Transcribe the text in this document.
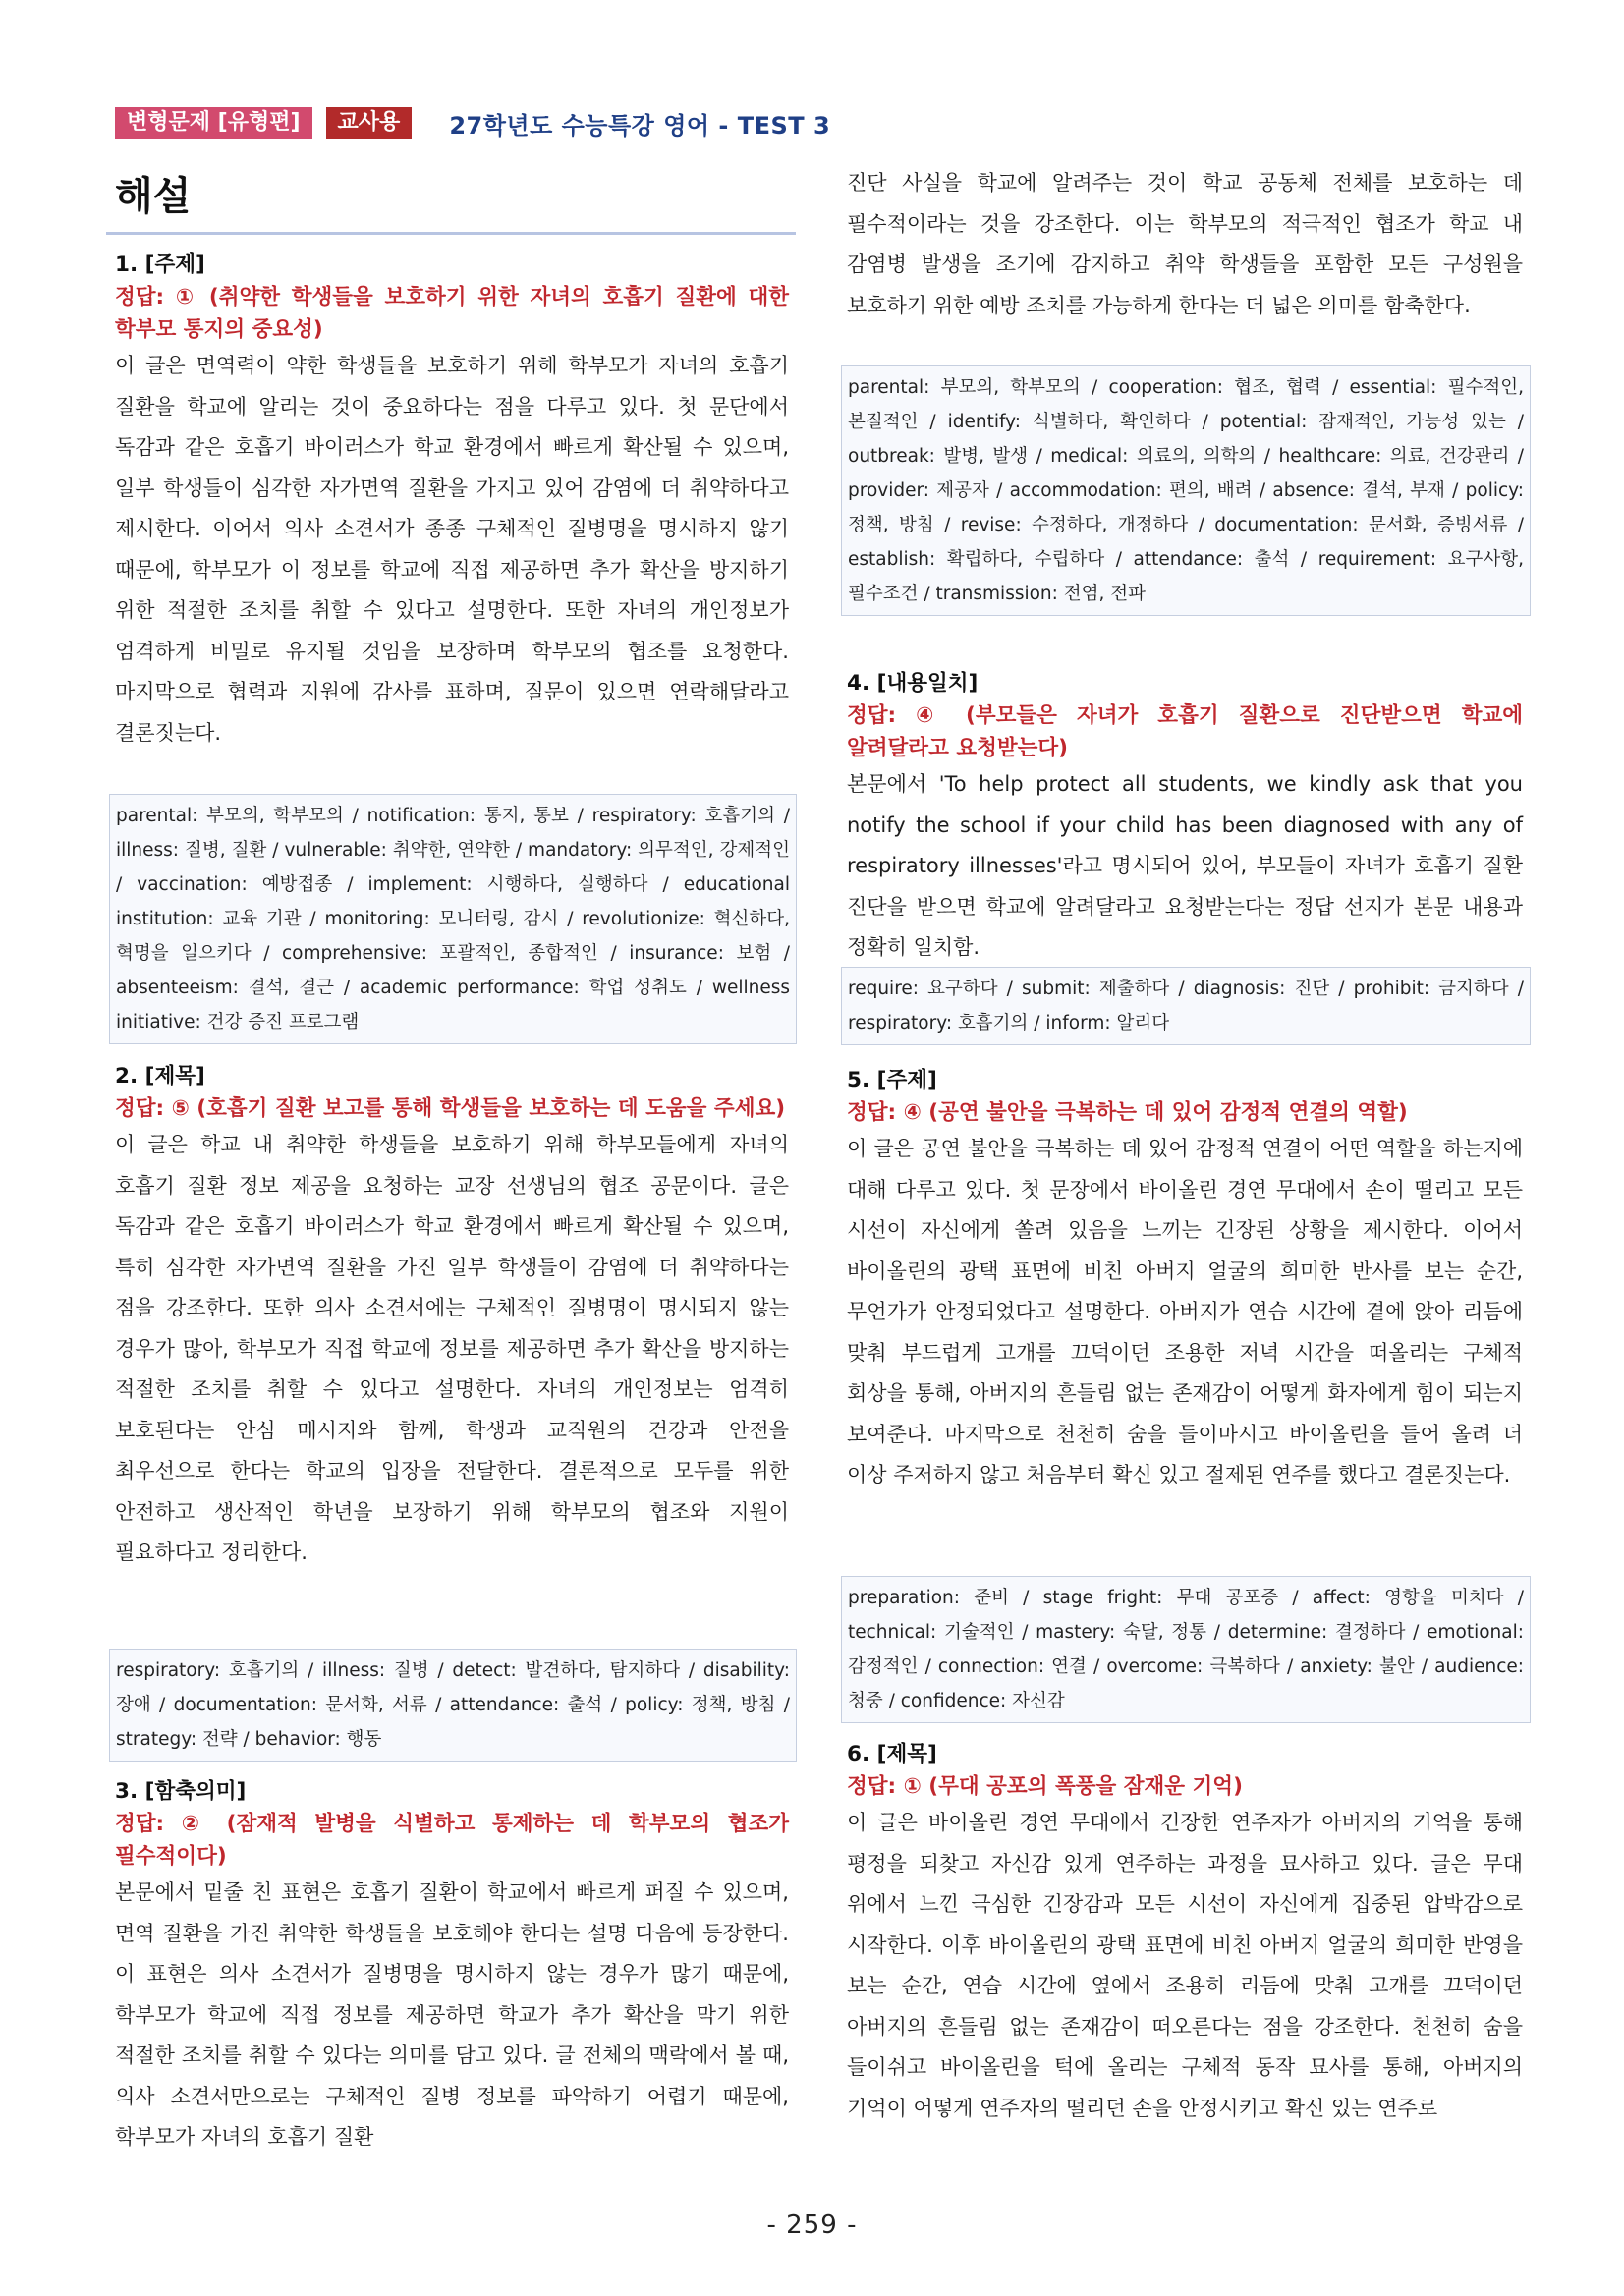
변형문제 [유형편]	교사용	27학년도 수능특강 영어 - TEST 3
해설
1. [주제]
정답: ① (취약한 학생들을 보호하기 위한 자녀의 호흡기 질환에 대한 학부모 통지의 중요성)
이 글은 면역력이 약한 학생들을 보호하기 위해 학부모가 자녀의 호흡기 질환을 학교에 알리는 것이 중요하다는 점을 다루고 있다. 첫 문단에서 독감과 같은 호흡기 바이러스가 학교 환경에서 빠르게 확산될 수 있으며, 일부 학생들이 심각한 자가면역 질환을 가지고 있어 감염에 더 취약하다고 제시한다. 이어서 의사 소견서가 종종 구체적인 질병명을 명시하지 않기 때문에, 학부모가 이 정보를 학교에 직접 제공하면 추가 확산을 방지하기 위한 적절한 조치를 취할 수 있다고 설명한다. 또한 자녀의 개인정보가 엄격하게 비밀로 유지될 것임을 보장하며 학부모의 협조를 요청한다. 마지막으로 협력과 지원에 감사를 표하며, 질문이 있으면 연락해달라고 결론짓는다.
parental: 부모의, 학부모의 / notification: 통지, 통보 / respiratory: 호흡기의 / illness: 질병, 질환 / vulnerable: 취약한, 연약한 / mandatory: 의무적인, 강제적인 / vaccination: 예방접종 / implement: 시행하다, 실행하다 / educational institution: 교육 기관 / monitoring: 모니터링, 감시 / revolutionize: 혁신하다, 혁명을 일으키다 / comprehensive: 포괄적인, 종합적인 / insurance: 보험 / absenteeism: 결석, 결근 / academic performance: 학업 성취도 / wellness initiative: 건강 증진 프로그램
2. [제목]
정답: ⑤ (호흡기 질환 보고를 통해 학생들을 보호하는 데 도움을 주세요)
이 글은 학교 내 취약한 학생들을 보호하기 위해 학부모들에게 자녀의 호흡기 질환 정보 제공을 요청하는 교장 선생님의 협조 공문이다. 글은 독감과 같은 호흡기 바이러스가 학교 환경에서 빠르게 확산될 수 있으며, 특히 심각한 자가면역 질환을 가진 일부 학생들이 감염에 더 취약하다는 점을 강조한다. 또한 의사 소견서에는 구체적인 질병명이 명시되지 않는 경우가 많아, 학부모가 직접 학교에 정보를 제공하면 추가 확산을 방지하는 적절한 조치를 취할 수 있다고 설명한다. 자녀의 개인정보는 엄격히 보호된다는 안심 메시지와 함께, 학생과 교직원의 건강과 안전을 최우선으로 한다는 학교의 입장을 전달한다. 결론적으로 모두를 위한 안전하고 생산적인 학년을 보장하기 위해 학부모의 협조와 지원이 필요하다고 정리한다.
respiratory: 호흡기의 / illness: 질병 / detect: 발견하다, 탐지하다 / disability: 장애 / documentation: 문서화, 서류 / attendance: 출석 / policy: 정책, 방침 / strategy: 전략 / behavior: 행동
3. [함축의미]
정답: ② (잠재적 발병을 식별하고 통제하는 데 학부모의 협조가 필수적이다)
본문에서 밑줄 친 표현은 호흡기 질환이 학교에서 빠르게 퍼질 수 있으며, 면역 질환을 가진 취약한 학생들을 보호해야 한다는 설명 다음에 등장한다. 이 표현은 의사 소견서가 질병명을 명시하지 않는 경우가 많기 때문에, 학부모가 학교에 직접 정보를 제공하면 학교가 추가 확산을 막기 위한 적절한 조치를 취할 수 있다는 의미를 담고 있다. 글 전체의 맥락에서 볼 때, 의사 소견서만으로는 구체적인 질병 정보를 파악하기 어렵기 때문에, 학부모가 자녀의 호흡기 질환
진단 사실을 학교에 알려주는 것이 학교 공동체 전체를 보호하는 데 필수적이라는 것을 강조한다. 이는 학부모의 적극적인 협조가 학교 내 감염병 발생을 조기에 감지하고 취약 학생들을 포함한 모든 구성원을 보호하기 위한 예방 조치를 가능하게 한다는 더 넓은 의미를 함축한다.
parental: 부모의, 학부모의 / cooperation: 협조, 협력 / essential: 필수적인, 본질적인 / identify: 식별하다, 확인하다 / potential: 잠재적인, 가능성 있는 / outbreak: 발병, 발생 / medical: 의료의, 의학의 / healthcare: 의료, 건강관리 / provider: 제공자 / accommodation: 편의, 배려 / absence: 결석, 부재 / policy: 정책, 방침 / revise: 수정하다, 개정하다 / documentation: 문서화, 증빙서류 / establish: 확립하다, 수립하다 / attendance: 출석 / requirement: 요구사항, 필수조건 / transmission: 전염, 전파
4. [내용일치]
정답: ④ (부모들은 자녀가 호흡기 질환으로 진단받으면 학교에 알려달라고 요청받는다)
본문에서 'To help protect all students, we kindly ask that you notify the school if your child has been diagnosed with any of respiratory illnesses'라고 명시되어 있어, 부모들이 자녀가 호흡기 질환 진단을 받으면 학교에 알려달라고 요청받는다는 정답 선지가 본문 내용과 정확히 일치함.
require: 요구하다 / submit: 제출하다 / diagnosis: 진단 / prohibit: 금지하다 / respiratory: 호흡기의 / inform: 알리다
5. [주제]
정답: ④ (공연 불안을 극복하는 데 있어 감정적 연결의 역할)
이 글은 공연 불안을 극복하는 데 있어 감정적 연결이 어떤 역할을 하는지에 대해 다루고 있다. 첫 문장에서 바이올린 경연 무대에서 손이 떨리고 모든 시선이 자신에게 쏠려 있음을 느끼는 긴장된 상황을 제시한다. 이어서 바이올린의 광택 표면에 비친 아버지 얼굴의 희미한 반사를 보는 순간, 무언가가 안정되었다고 설명한다. 아버지가 연습 시간에 곁에 앉아 리듬에 맞춰 부드럽게 고개를 끄덕이던 조용한 저녁 시간을 떠올리는 구체적 회상을 통해, 아버지의 흔들림 없는 존재감이 어떻게 화자에게 힘이 되는지 보여준다. 마지막으로 천천히 숨을 들이마시고 바이올린을 들어 올려 더 이상 주저하지 않고 처음부터 확신 있고 절제된 연주를 했다고 결론짓는다.
preparation: 준비 / stage fright: 무대 공포증 / affect: 영향을 미치다 / technical: 기술적인 / mastery: 숙달, 정통 / determine: 결정하다 / emotional: 감정적인 / connection: 연결 / overcome: 극복하다 / anxiety: 불안 / audience: 청중 / confidence: 자신감
6. [제목]
정답: ① (무대 공포의 폭풍을 잠재운 기억)
이 글은 바이올린 경연 무대에서 긴장한 연주자가 아버지의 기억을 통해 평정을 되찾고 자신감 있게 연주하는 과정을 묘사하고 있다. 글은 무대 위에서 느낀 극심한 긴장감과 모든 시선이 자신에게 집중된 압박감으로 시작한다. 이후 바이올린의 광택 표면에 비친 아버지 얼굴의 희미한 반영을 보는 순간, 연습 시간에 옆에서 조용히 리듬에 맞춰 고개를 끄덕이던 아버지의 흔들림 없는 존재감이 떠오른다는 점을 강조한다. 천천히 숨을 들이쉬고 바이올린을 턱에 올리는 구체적 동작 묘사를 통해, 아버지의 기억이 어떻게 연주자의 떨리던 손을 안정시키고 확신 있는 연주로
- 259 -
